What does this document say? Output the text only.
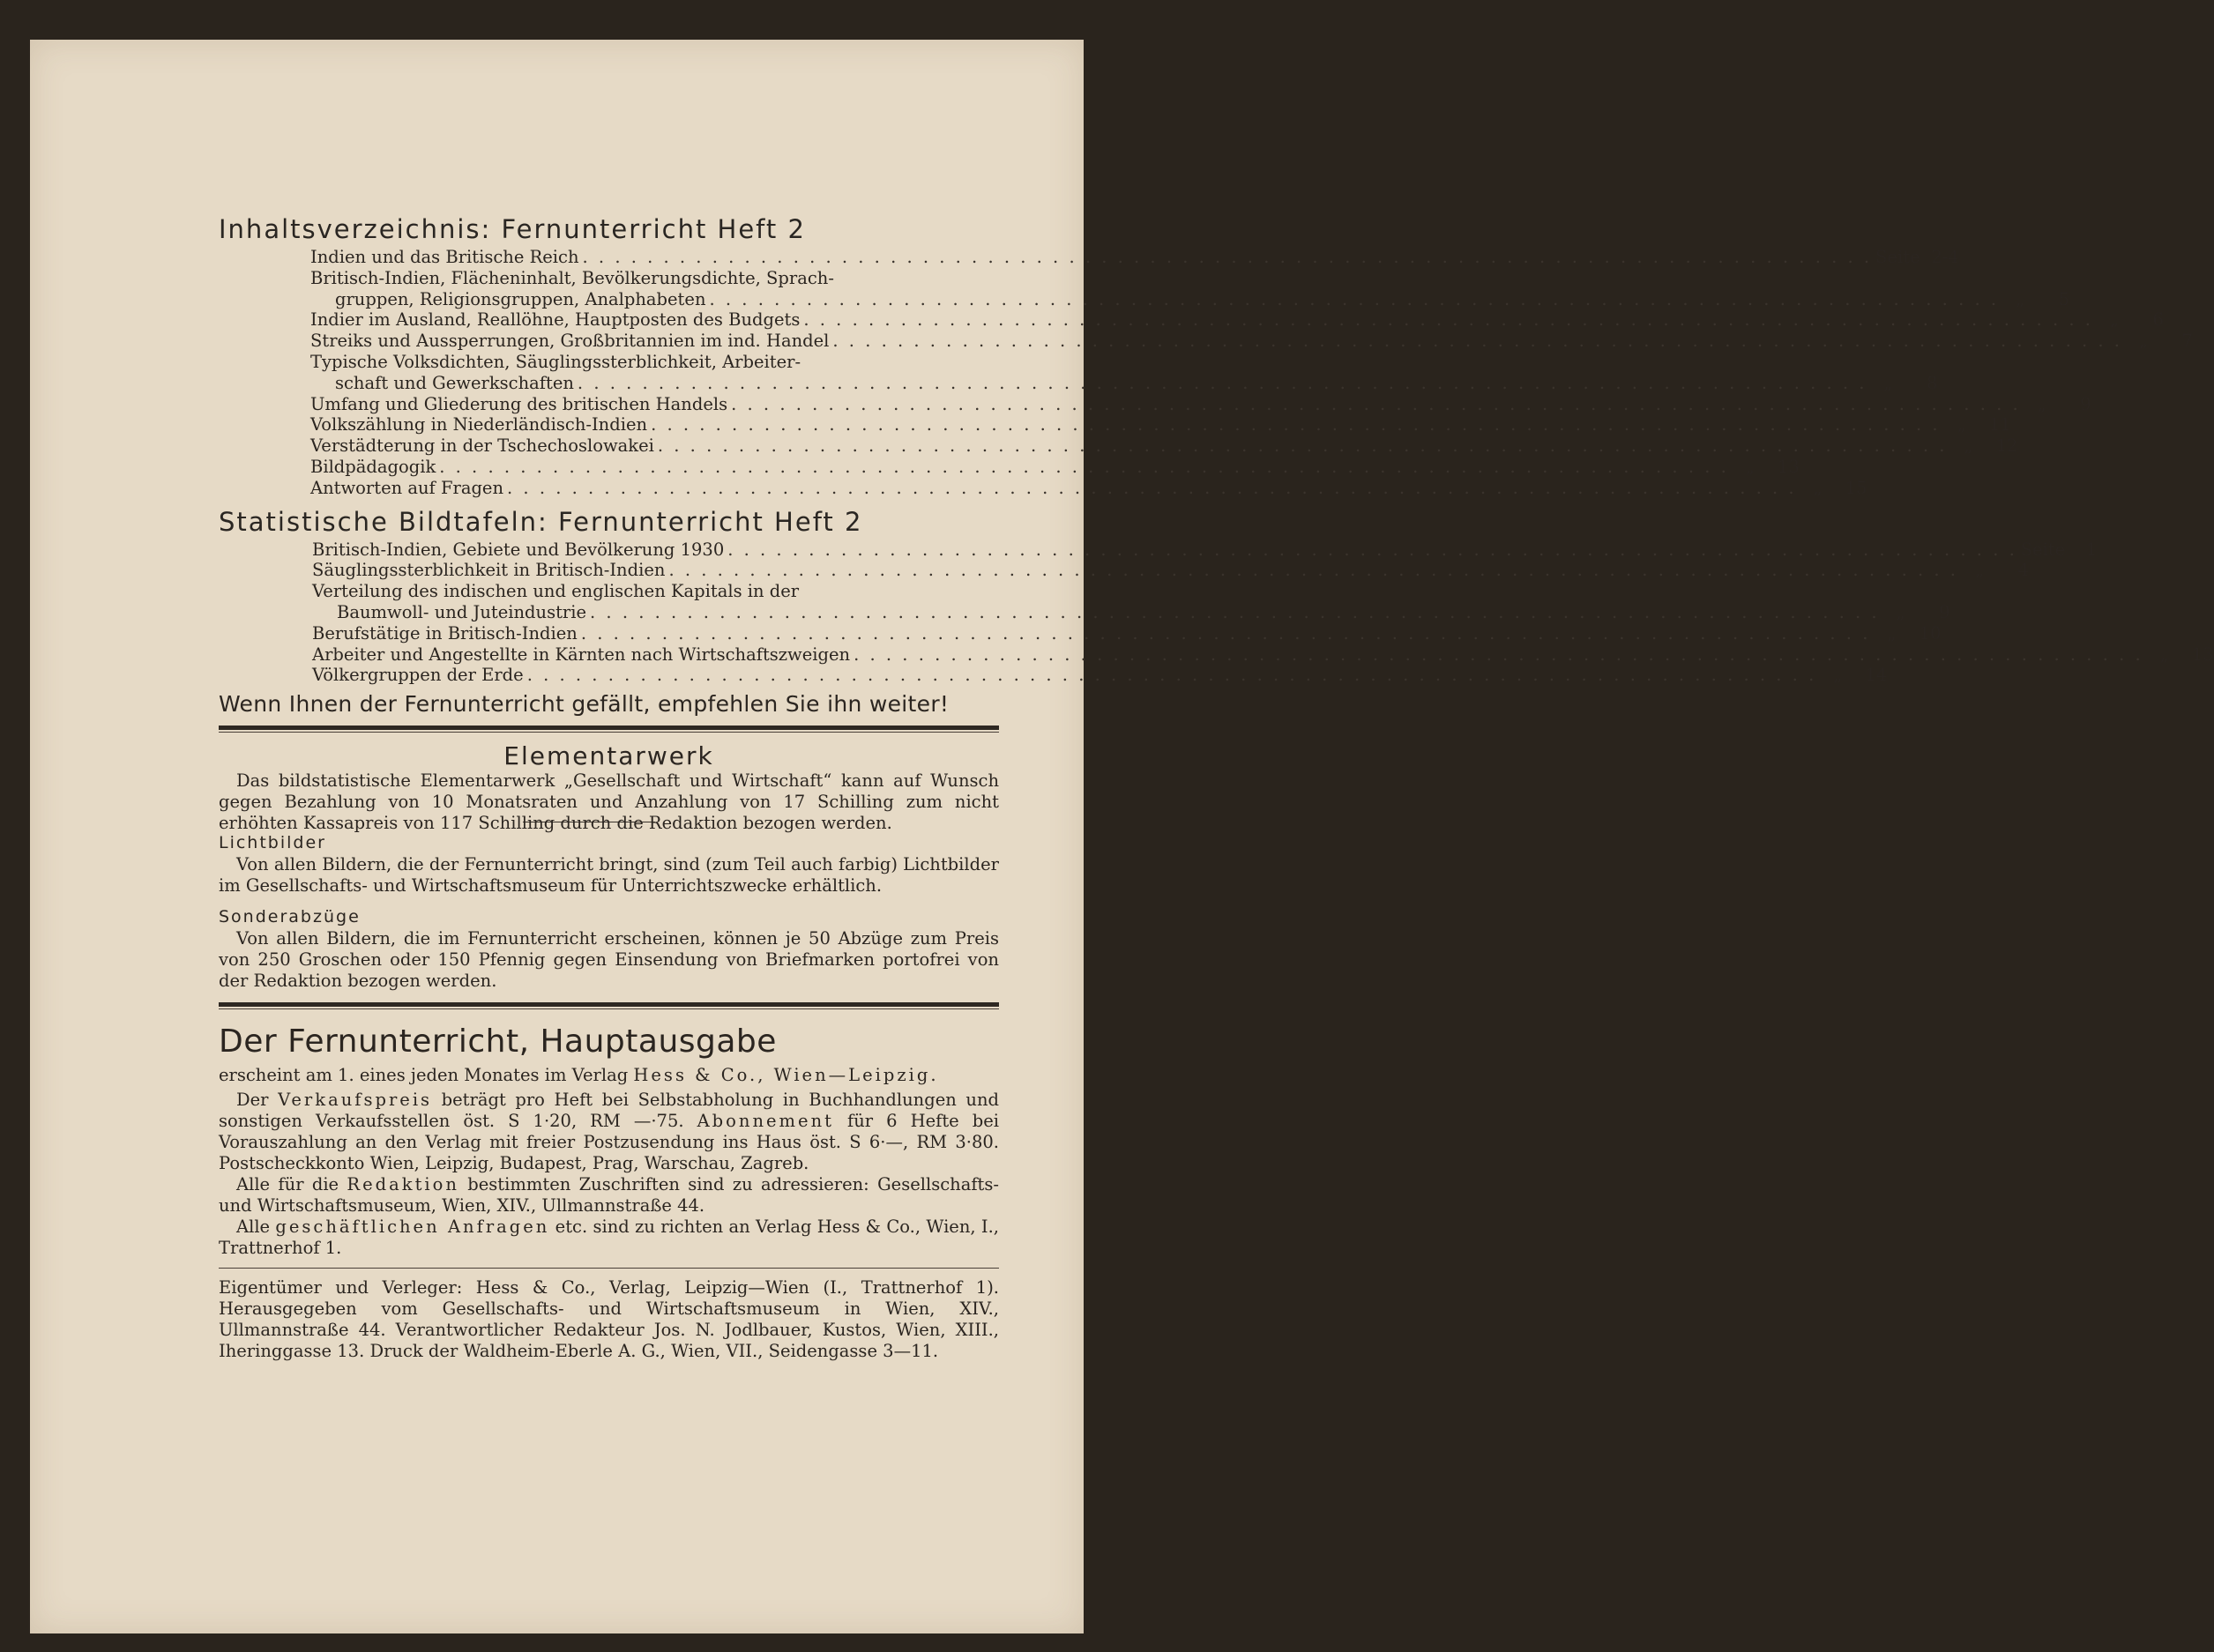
Inhaltsverzeichnis: Fernunterricht Heft 2
Indien und das Britische Reich . . . . . . . . . . . . . . . . . . . . . . . . . . . . . . . . . . . . . . . . . . . . . . . . . . . . . . . . . . . . . . . . . . . . . . . . . . . . . . . . Seite 2-4
Britisch-Indien, Flächeninhalt, Bevölkerungsdichte, Sprach-
gruppen, Religionsgruppen, Analphabeten . . . . . . . . . . . . . . . . . . . . . . . . . . . . . . . . . . . . . . . . . . . . . . . . . . . . . . . . . . . . . . . . . . . . . . . . . . . . . . . . „	5
Indier im Ausland, Reallöhne, Hauptposten des Budgets . . . . . . . . . . . . . . . . . . . . . . . . . . . . . . . . . . . . . . . . . . . . . . . . . . . . . . . . . . . . . . . . . . . . . . . . . . . . . . . . „	6
Streiks und Aussperrungen, Großbritannien im ind. Handel . . . . . . . . . . . . . . . . . . . . . . . . . . . . . . . . . . . . . . . . . . . . . . . . . . . . . . . . . . . . . . . . . . . . . . . . . . . . . . . . „	7
Typische Volksdichten, Säuglingssterblichkeit, Arbeiter-
schaft und Gewerkschaften . . . . . . . . . . . . . . . . . . . . . . . . . . . . . . . . . . . . . . . . . . . . . . . . . . . . . . . . . . . . . . . . . . . . . . . . . . . . . . . . „	8
Umfang und Gliederung des britischen Handels . . . . . . . . . . . . . . . . . . . . . . . . . . . . . . . . . . . . . . . . . . . . . . . . . . . . . . . . . . . . . . . . . . . . . . . . . . . . . . . . „	9
Volkszählung in Niederländisch-Indien . . . . . . . . . . . . . . . . . . . . . . . . . . . . . . . . . . . . . . . . . . . . . . . . . . . . . . . . . . . . . . . . . . . . . . . . . . . . . . . . „	11
Verstädterung in der Tschechoslowakei . . . . . . . . . . . . . . . . . . . . . . . . . . . . . . . . . . . . . . . . . . . . . . . . . . . . . . . . . . . . . . . . . . . . . . . . . . . . . . . . „	12
Bildpädagogik . . . . . . . . . . . . . . . . . . . . . . . . . . . . . . . . . . . . . . . . . . . . . . . . . . . . . . . . . . . . . . . . . . . . . . . . . . . . . . . . „	13
Antworten auf Fragen . . . . . . . . . . . . . . . . . . . . . . . . . . . . . . . . . . . . . . . . . . . . . . . . . . . . . . . . . . . . . . . . . . . . . . . . . . . . . . . . „	15
Statistische Bildtafeln: Fernunterricht Heft 2
Britisch-Indien, Gebiete und Bevölkerung 1930 . . . . . . . . . . . . . . . . . . . . . . . . . . . . . . . . . . . . . . . . . . . . . . . . . . . . . . . . . . . . . . . . . . . . . . . . . . . . . . . . Seite	1
Säuglingssterblichkeit in Britisch-Indien . . . . . . . . . . . . . . . . . . . . . . . . . . . . . . . . . . . . . . . . . . . . . . . . . . . . . . . . . . . . . . . . . . . . . . . . . . . . . . . . „	4
Verteilung des indischen und englischen Kapitals in der
Baumwoll- und Juteindustrie . . . . . . . . . . . . . . . . . . . . . . . . . . . . . . . . . . . . . . . . . . . . . . . . . . . . . . . . . . . . . . . . . . . . . . . . . . . . . . . . „	9
Berufstätige in Britisch-Indien . . . . . . . . . . . . . . . . . . . . . . . . . . . . . . . . . . . . . . . . . . . . . . . . . . . . . . . . . . . . . . . . . . . . . . . . . . . . . . . . „	10
Arbeiter und Angestellte in Kärnten nach Wirtschaftszweigen . . . . . . . . . . . . . . . . . . . . . . . . . . . . . . . . . . . . . . . . . . . . . . . . . . . . . . . . . . . . . . . . . . . . . . . . . . . . . . . . „	13
Völkergruppen der Erde . . . . . . . . . . . . . . . . . . . . . . . . . . . . . . . . . . . . . . . . . . . . . . . . . . . . . . . . . . . . . . . . . . . . . . . . . . . . . . . . „	14
Wenn Ihnen der Fernunterricht gefällt, empfehlen Sie ihn weiter!
Elementarwerk
Das bildstatistische Elementarwerk „Gesellschaft und Wirtschaft“ kann auf Wunsch gegen Bezahlung von 10 Monatsraten und Anzahlung von 17 Schilling zum nicht erhöhten Kassapreis von 117 Schilling durch die Redaktion bezogen werden.
Lichtbilder
Von allen Bildern, die der Fernunterricht bringt, sind (zum Teil auch farbig) Lichtbilder im Gesellschafts- und Wirtschaftsmuseum für Unterrichtszwecke erhältlich.
Sonderabzüge
Von allen Bildern, die im Fernunterricht erscheinen, können je 50 Abzüge zum Preis von 250 Groschen oder 150 Pfennig gegen Einsendung von Briefmarken portofrei von der Redaktion bezogen werden.
Der Fernunterricht, Hauptausgabe
erscheint am 1. eines jeden Monates im Verlag Hess & Co., Wien—Leipzig.
Der Verkaufspreis beträgt pro Heft bei Selbstabholung in Buchhandlungen und sonstigen Verkaufsstellen öst. S 1·20, RM —·75. Abonnement für 6 Hefte bei Vorauszahlung an den Verlag mit freier Postzusendung ins Haus öst. S 6·—, RM 3·80. Postscheckkonto Wien, Leipzig, Budapest, Prag, Warschau, Zagreb.
Alle für die Redaktion bestimmten Zuschriften sind zu adressieren: Gesellschafts- und Wirtschaftsmuseum, Wien, XIV., Ullmannstraße 44.
Alle geschäftlichen Anfragen etc. sind zu richten an Verlag Hess & Co., Wien, I., Trattnerhof 1.
Eigentümer und Verleger: Hess & Co., Verlag, Leipzig—Wien (I., Trattnerhof 1). Herausgegeben vom Gesellschafts- und Wirtschaftsmuseum in Wien, XIV., Ullmannstraße 44. Verantwortlicher Redakteur Jos. N. Jodlbauer, Kustos, Wien, XIII., Iheringgasse 13. Druck der Waldheim-Eberle A. G., Wien, VII., Seidengasse 3—11.
